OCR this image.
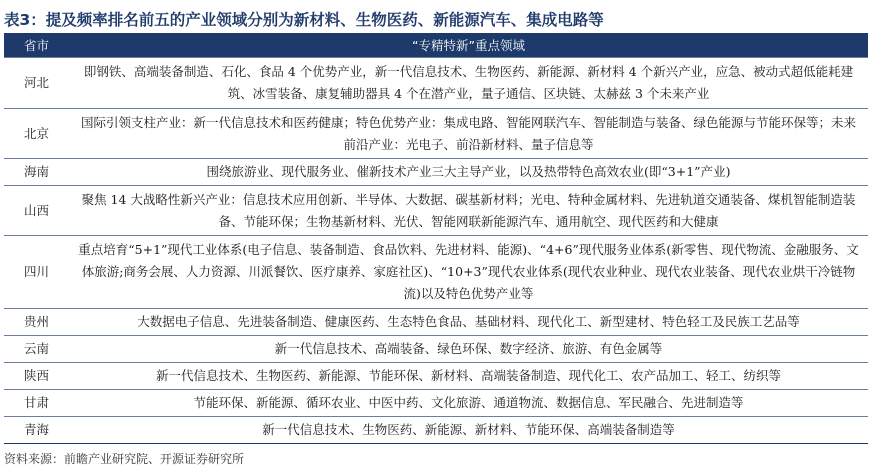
表3：提及频率排名前五的产业领域分别为新材料、生物医药、新能源汽车、集成电路等
省市	“专精特新”重点领域
河北	即钢铁、高端装备制造、石化、食品 4 个优势产业，新一代信息技术、生物医药、新能源、新材料 4 个新兴产业，应急、被动式超低能耗建筑、冰雪装备、康复辅助器具 4 个在潜产业，量子通信、区块链、太赫兹 3 个未来产业
北京	国际引领支柱产业：新一代信息技术和医药健康；特色优势产业：集成电路、智能网联汽车、智能制造与装备、绿色能源与节能环保等；未来前沿产业：光电子、前沿新材料、量子信息等
海南	围绕旅游业、现代服务业、催新技术产业三大主导产业，以及热带特色高效农业(即“3+1”产业)
山西	聚焦 14 大战略性新兴产业：信息技术应用创新、半导体、大数据、碳基新材料；光电、特种金属材料、先进轨道交通装备、煤机智能制造装备、节能环保；生物基新材料、光伏、智能网联新能源汽车、通用航空、现代医药和大健康
四川	重点培育“5+1”现代工业体系(电子信息、装备制造、食品饮料、先进材料、能源)、“4+6”现代服务业体系(新零售、现代物流、金融服务、文体旅游;商务会展、人力资源、川派餐饮、医疗康养、家庭社区)、“10+3”现代农业体系(现代农业种业、现代农业装备、现代农业烘干冷链物流)以及特色优势产业等
贵州	大数据电子信息、先进装备制造、健康医药、生态特色食品、基础材料、现代化工、新型建材、特色轻工及民族工艺品等
云南	新一代信息技术、高端装备、绿色环保、数字经济、旅游、有色金属等
陕西	新一代信息技术、生物医药、新能源、节能环保、新材料、高端装备制造、现代化工、农产品加工、轻工、纺织等
甘肃	节能环保、新能源、循环农业、中医中药、文化旅游、通道物流、数据信息、军民融合、先进制造等
青海	新一代信息技术、生物医药、新能源、新材料、节能环保、高端装备制造等
资料来源：前瞻产业研究院、开源证券研究所
